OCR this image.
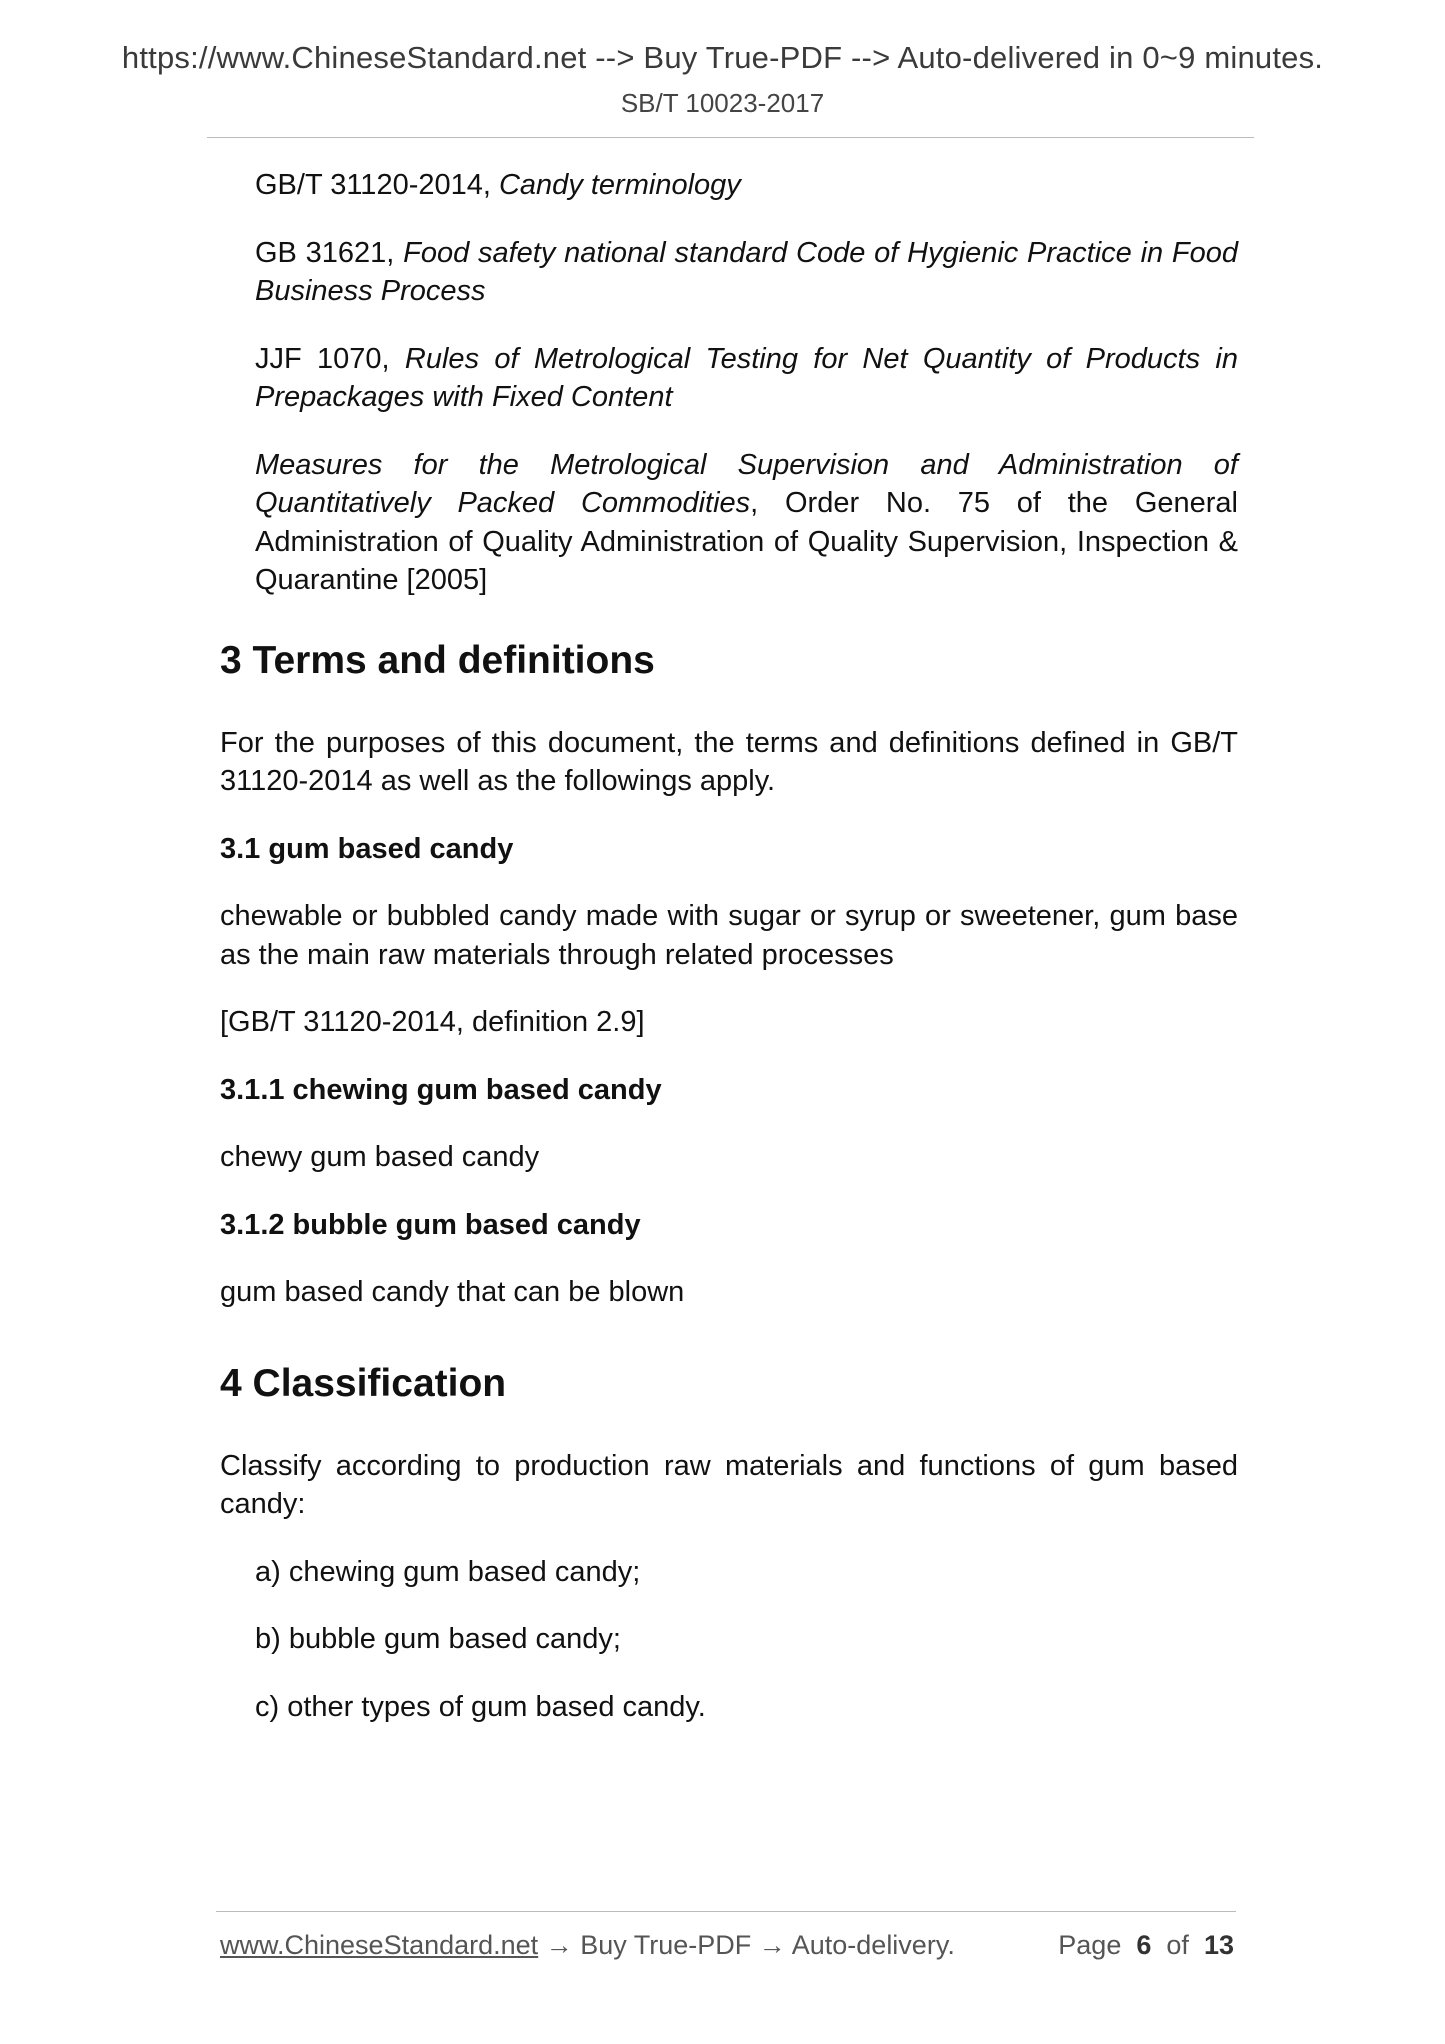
https://www.ChineseStandard.net --> Buy True-PDF --> Auto-delivered in 0~9 minutes.
SB/T 10023-2017

GB/T 31120-2014, Candy terminology

GB 31621, Food safety national standard Code of Hygienic Practice in Food Business Process

JJF 1070, Rules of Metrological Testing for Net Quantity of Products in Prepackages with Fixed Content

Measures for the Metrological Supervision and Administration of Quantitatively Packed Commodities, Order No. 75 of the General Administration of Quality Administration of Quality Supervision, Inspection & Quarantine [2005]

3 Terms and definitions

For the purposes of this document, the terms and definitions defined in GB/T 31120-2014 as well as the followings apply.

3.1 gum based candy

chewable or bubbled candy made with sugar or syrup or sweetener, gum base as the main raw materials through related processes

[GB/T 31120-2014, definition 2.9]

3.1.1 chewing gum based candy

chewy gum based candy

3.1.2 bubble gum based candy

gum based candy that can be blown

4 Classification

Classify according to production raw materials and functions of gum based candy:

a) chewing gum based candy;

b) bubble gum based candy;

c) other types of gum based candy.

www.ChineseStandard.net → Buy True-PDF → Auto-delivery.	Page 6 of 13
